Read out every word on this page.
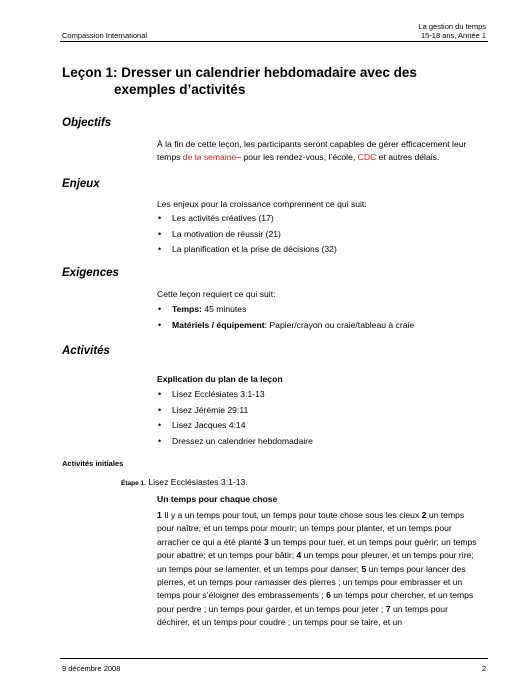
Compassion International
La gestion du temps
15-18 ans, Année 1
Leçon 1: Dresser un calendrier hebdomadaire avec des
exemples d’activités
Objectifs
À la fin de cette leçon, les participants seront capables de gérer efficacement leur temps de la semaine– pour les rendez-vous, l’école, CDC et autres délais.
Enjeux
Les enjeux pour la croissance comprennent ce qui suit:
• Les activités créatives (17)
• La motivation de réussir (21)
• La planification et la prise de décisions (32)
Exigences
Cette leçon requiert ce qui suit:
• Temps: 45 minutes
• Matériels / équipement: Papier/crayon ou craie/tableau à craie
Activités
Explication du plan de la leçon
• Lisez Ecclésiates 3:1-13
• Lisez Jérémie 29:11
• Lisez Jacques 4:14
• Dressez un calendrier hebdomadaire
Activités initiales
Étape 1. Lisez Ecclésiastes 3:1-13.
Un temps pour chaque chose
1 Il y a un temps pour tout, un temps pour toute chose sous les cieux 2 un temps pour naître, et un temps pour mourir; un temps pour planter, et un temps pour arracher ce qui a été planté 3 un temps pour tuer, et un temps pour guérir; un temps pour abattre; et un temps pour bâtir; 4 un temps pour pleurer, et un temps pour rire; un temps pour se lamenter, et un temps pour danser; 5 un temps pour lancer des pierres, et un temps pour ramasser des pierres ; un temps pour embrasser et un temps pour s’éloigner des embrassements ; 6 un temps pour chercher, et un temps pour perdre ; un temps pour garder, et un temps pour jeter ; 7 un temps pour déchirer, et un temps pour coudre ; un temps pour se taire, et un
9 décembre 2008	2
